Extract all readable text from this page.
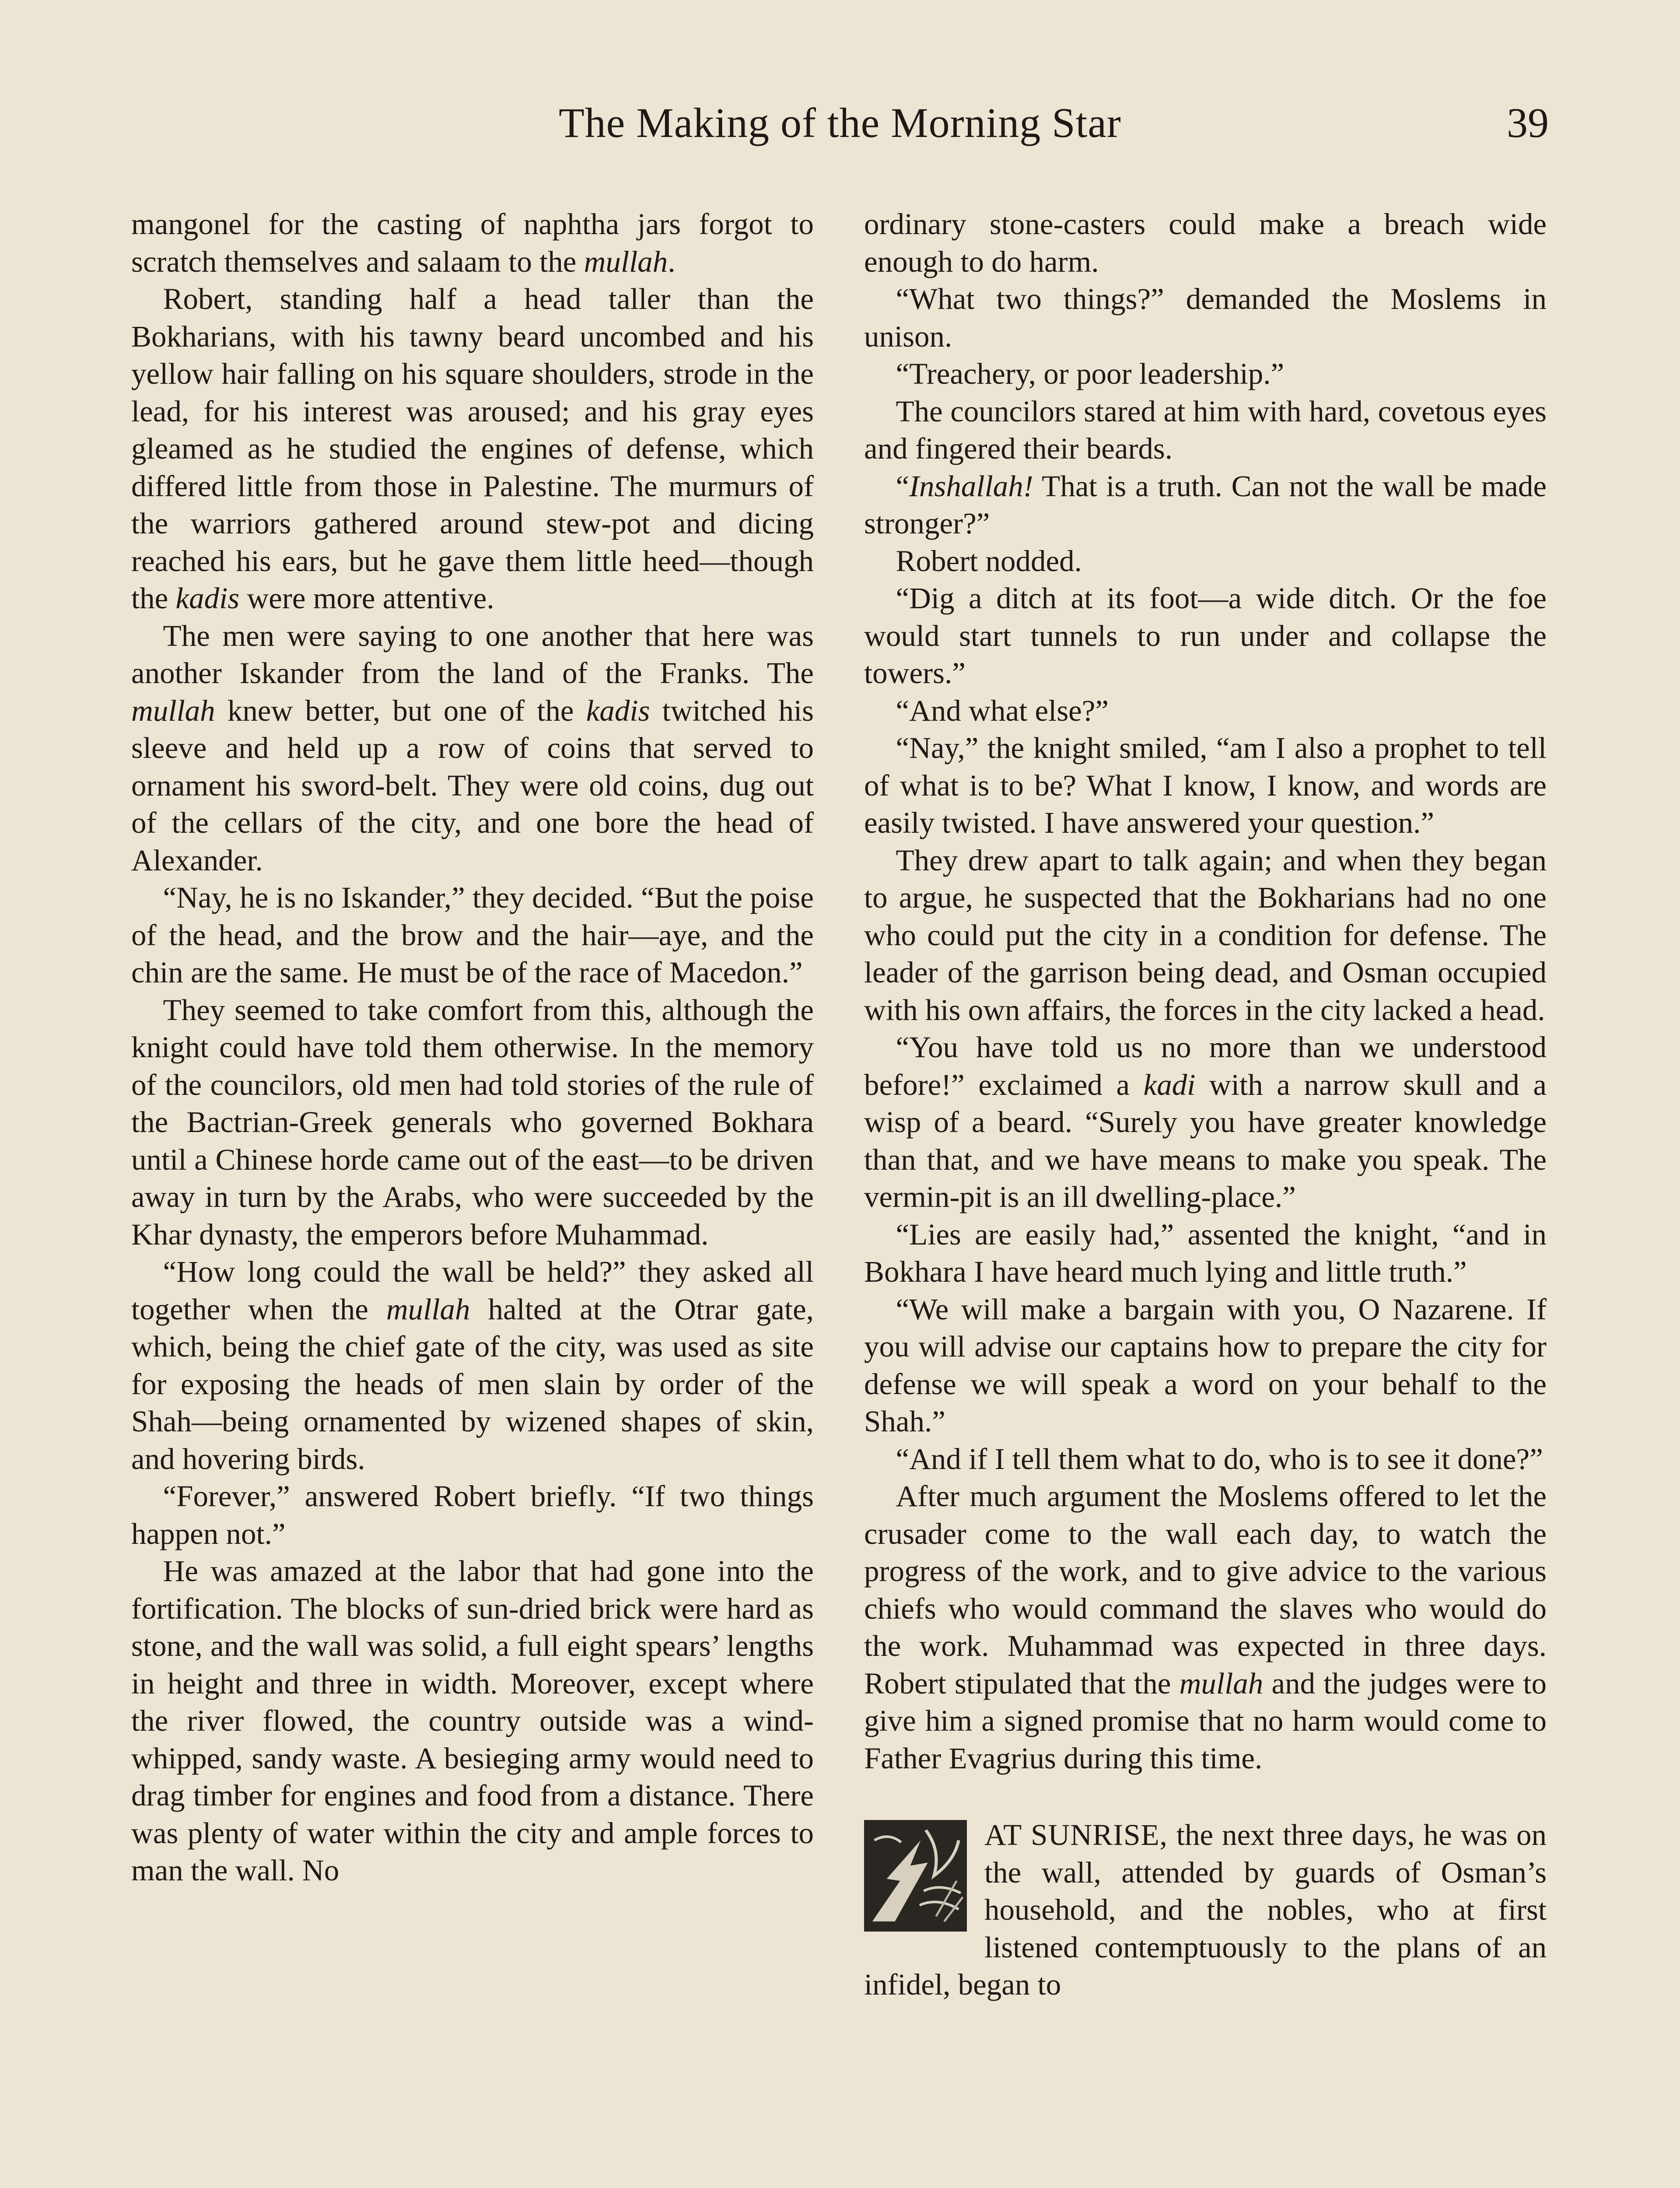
The Making of the Morning Star	39

mangonel for the casting of naphtha jars forgot to scratch themselves and salaam to the mullah.

Robert, standing half a head taller than the Bokharians, with his tawny beard uncombed and his yellow hair falling on his square shoulders, strode in the lead, for his interest was aroused; and his gray eyes gleamed as he studied the engines of defense, which differed little from those in Palestine. The murmurs of the warriors gathered around stew-pot and dicing reached his ears, but he gave them little heed—though the kadis were more attentive.

The men were saying to one another that here was another Iskander from the land of the Franks. The mullah knew better, but one of the kadis twitched his sleeve and held up a row of coins that served to ornament his sword-belt. They were old coins, dug out of the cellars of the city, and one bore the head of Alexander.

“Nay, he is no Iskander,” they decided. “But the poise of the head, and the brow and the hair—aye, and the chin are the same. He must be of the race of Macedon.”

They seemed to take comfort from this, although the knight could have told them otherwise. In the memory of the councilors, old men had told stories of the rule of the Bactrian-Greek generals who governed Bokhara until a Chinese horde came out of the east—to be driven away in turn by the Arabs, who were succeeded by the Khar dynasty, the emperors before Muhammad.

“How long could the wall be held?” they asked all together when the mullah halted at the Otrar gate, which, being the chief gate of the city, was used as site for exposing the heads of men slain by order of the Shah—being ornamented by wizened shapes of skin, and hovering birds.

“Forever,” answered Robert briefly. “If two things happen not.”

He was amazed at the labor that had gone into the fortification. The blocks of sun-dried brick were hard as stone, and the wall was solid, a full eight spears’ lengths in height and three in width. Moreover, except where the river flowed, the country outside was a wind-whipped, sandy waste. A besieging army would need to drag timber for engines and food from a distance. There was plenty of water within the city and ample forces to man the wall. No

ordinary stone-casters could make a breach wide enough to do harm.

“What two things?” demanded the Moslems in unison.

“Treachery, or poor leadership.”

The councilors stared at him with hard, covetous eyes and fingered their beards.

“Inshallah! That is a truth. Can not the wall be made stronger?”

Robert nodded.

“Dig a ditch at its foot—a wide ditch. Or the foe would start tunnels to run under and collapse the towers.”

“And what else?”

“Nay,” the knight smiled, “am I also a prophet to tell of what is to be? What I know, I know, and words are easily twisted. I have answered your question.”

They drew apart to talk again; and when they began to argue, he suspected that the Bokharians had no one who could put the city in a condition for defense. The leader of the garrison being dead, and Osman occupied with his own affairs, the forces in the city lacked a head.

“You have told us no more than we understood before!” exclaimed a kadi with a narrow skull and a wisp of a beard. “Surely you have greater knowledge than that, and we have means to make you speak. The vermin-pit is an ill dwelling-place.”

“Lies are easily had,” assented the knight, “and in Bokhara I have heard much lying and little truth.”

“We will make a bargain with you, O Nazarene. If you will advise our captains how to prepare the city for defense we will speak a word on your behalf to the Shah.”

“And if I tell them what to do, who is to see it done?”

After much argument the Moslems offered to let the crusader come to the wall each day, to watch the progress of the work, and to give advice to the various chiefs who would command the slaves who would do the work. Muhammad was expected in three days. Robert stipulated that the mullah and the judges were to give him a signed promise that no harm would come to Father Evagrius during this time.

AT SUNRISE, the next three days, he was on the wall, attended by guards of Osman’s household, and the nobles, who at first listened contemptuously to the plans of an infidel, began to
